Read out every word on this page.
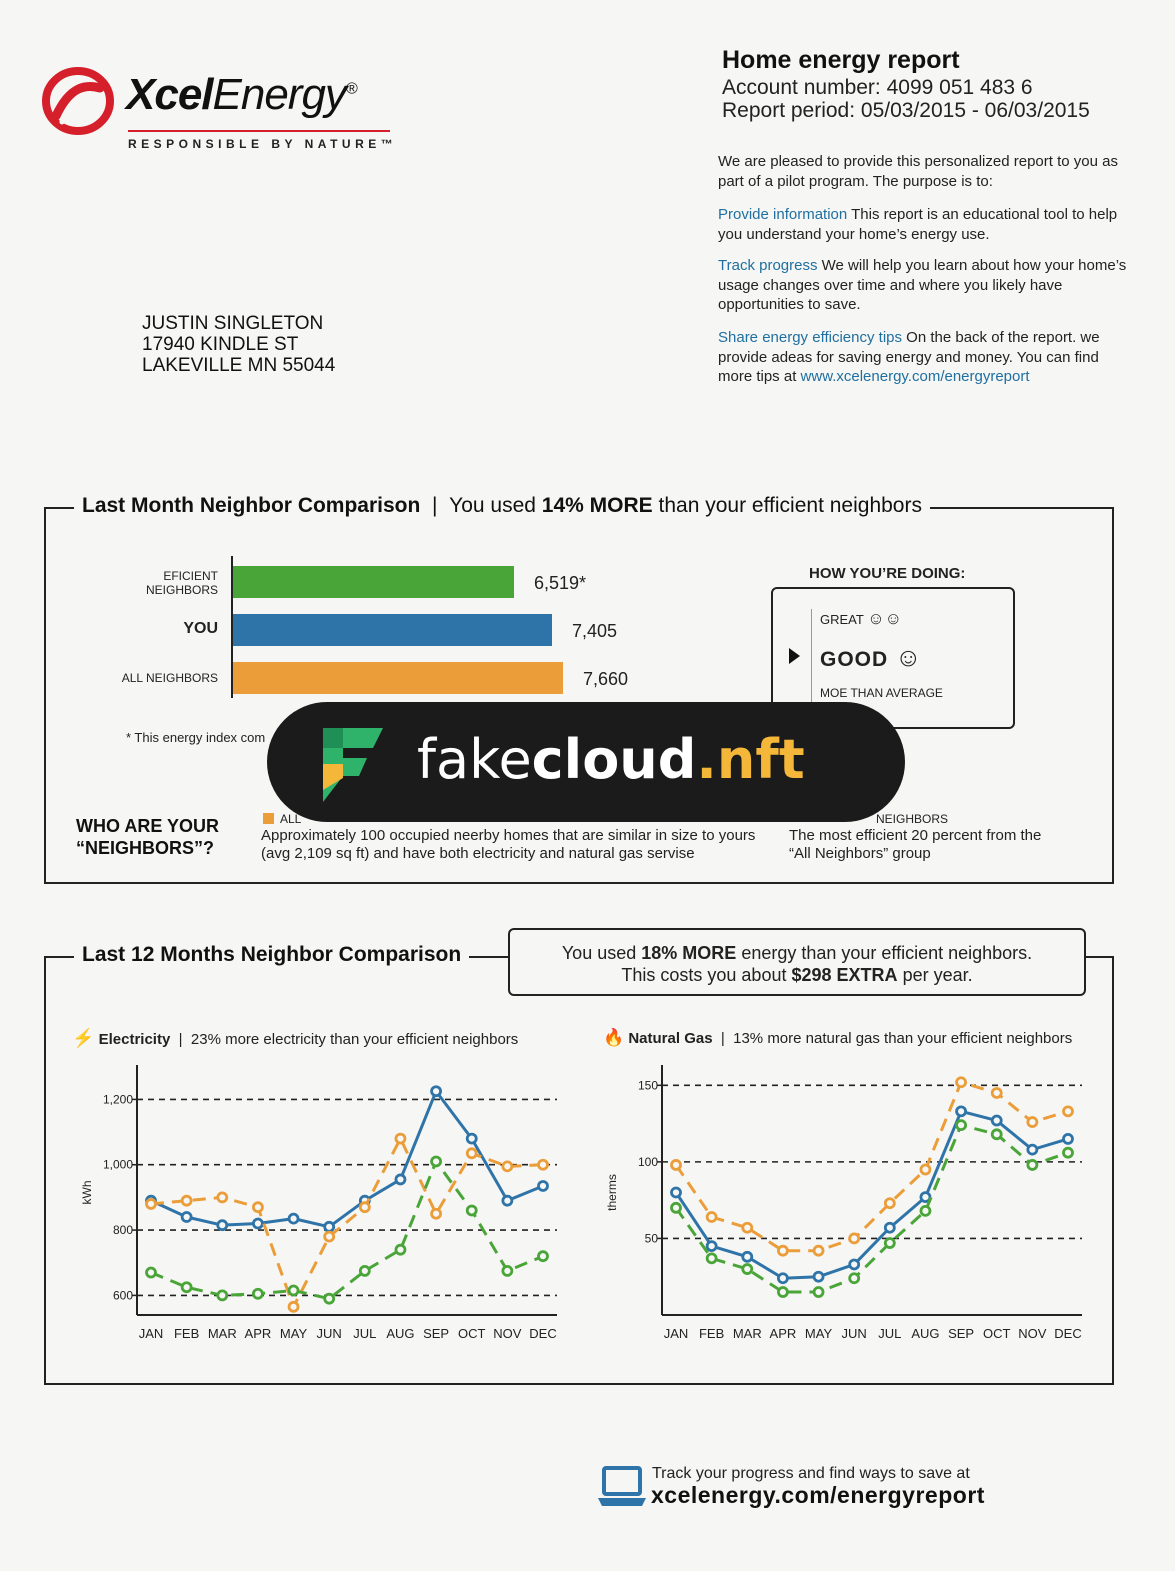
XcelEnergy®
RESPONSIBLE BY NATURE™
Home energy report
Account number: 4099 051 483 6
Report period: 05/03/2015 - 06/03/2015
We are pleased to provide this personalized report to you as part of a pilot program. The purpose is to:
Provide information This report is an educational tool to help you understand your home’s energy use.
Track progress We will help you learn about how your home’s usage changes over time and where you likely have opportunities to save.
Share energy efficiency tips On the back of the report. we provide adeas for saving energy and money. You can find more tips at www.xcelenergy.com/energyreport
JUSTIN SINGLETON
17940 KINDLE ST
LAKEVILLE MN 55044
Last Month Neighbor Comparison | You used 14% MORE than your efficient neighbors
6,519*
EFICIENT
NEIGHBORS
7,405
YOU
7,660
ALL NEIGHBORS
* This energy index com
HOW YOU’RE DOING:
GREAT ☺☺
GOOD ☺
MOE THAN AVERAGE
WHO ARE YOUR
“NEIGHBORS”?
ALL
Approximately 100 occupied neerby homes that are similar in size to yours (avg 2,109 sq ft) and have both electricity and natural gas servise
NEIGHBORS
The most efficient 20 percent from the “All Neighbors” group
fakecloud.nft
Last 12 Months Neighbor Comparison	You used 18% MORE energy than your efficient neighbors.
This costs you about $298 EXTRA per year.
⚡ Electricity  |  23% more electricity than your efficient neighbors	🔥 Natural Gas  |  13% more natural gas than your efficient neighbors
600
800
1,000
1,200
kWh
JAN FEB MAR APR MAY JUN JUL AUG SEP OCT NOV DEC
50
100
150
therms
JAN FEB MAR APR MAY JUN JUL AUG SEP OCT NOV DEC
Track your progress and find ways to save at
xcelenergy.com/energyreport
